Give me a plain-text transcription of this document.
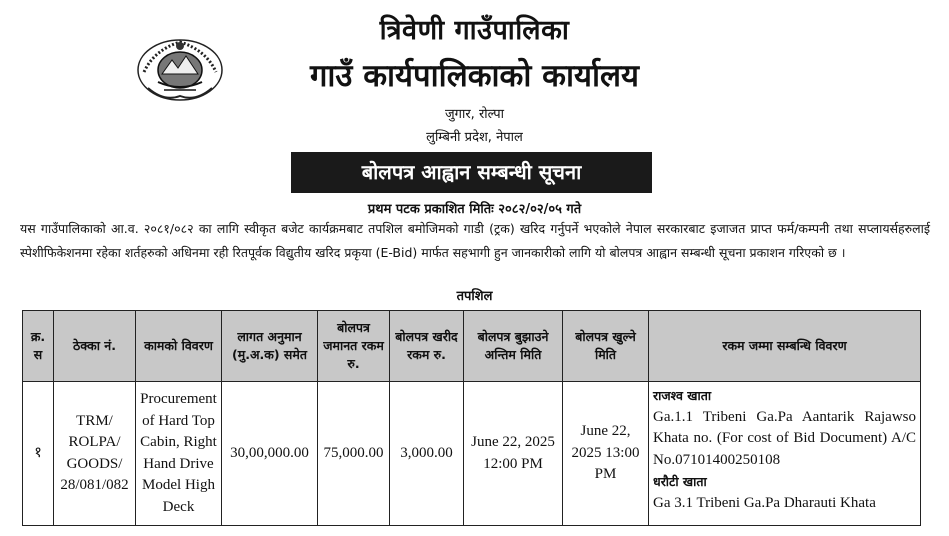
त्रिवेणी गाउँपालिका
गाउँ कार्यपालिकाको कार्यालय
जुगार, रोल्पा
लुम्बिनी प्रदेश, नेपाल
बोलपत्र आह्वान सम्बन्धी सूचना
प्रथम पटक प्रकाशित मितिः २०८२/०२/०५ गते
यस गाउँपालिकाको आ.व. २०८१/०८२ का लागि स्वीकृत बजेट कार्यक्रमबाट तपशिल बमोजिमको गाडी (ट्रक) खरिद गर्नुपर्ने भएकोले नेपाल सरकारबाट इजाजत प्राप्त फर्म/कम्पनी तथा सप्लायर्सहरुलाई स्पेशीफिकेशनमा रहेका शर्तहरुको अधिनमा रही रितपूर्वक विद्युतीय खरिद प्रकृया (E-Bid) मार्फत सहभागी हुन जानकारीको लागि यो बोलपत्र आह्वान सम्बन्धी सूचना प्रकाशन गरिएको छ ।
तपशिल
क्र. स	ठेक्का नं.	कामको विवरण	लागत अनुमान (मु.अ.क) समेत	बोलपत्र जमानत रकम रु.	बोलपत्र खरीद रकम रु.	बोलपत्र बुझाउने अन्तिम मिति	बोलपत्र खुल्ने मिति	रकम जम्मा सम्बन्धि विवरण
१	TRM/ ROLPA/ GOODS/ 28/081/082	Procurement of Hard Top Cabin, Right Hand Drive Model High Deck	30,00,000.00	75,000.00	3,000.00	June 22, 2025 12:00 PM	June 22, 2025 13:00 PM	राजश्व खाता
Ga.1.1 Tribeni Ga.Pa Aantarik Rajawso Khata no. (For cost of Bid Document) A/C No.07101400250108
धरौटी खाता
Ga 3.1 Tribeni Ga.Pa Dharauti Khata
